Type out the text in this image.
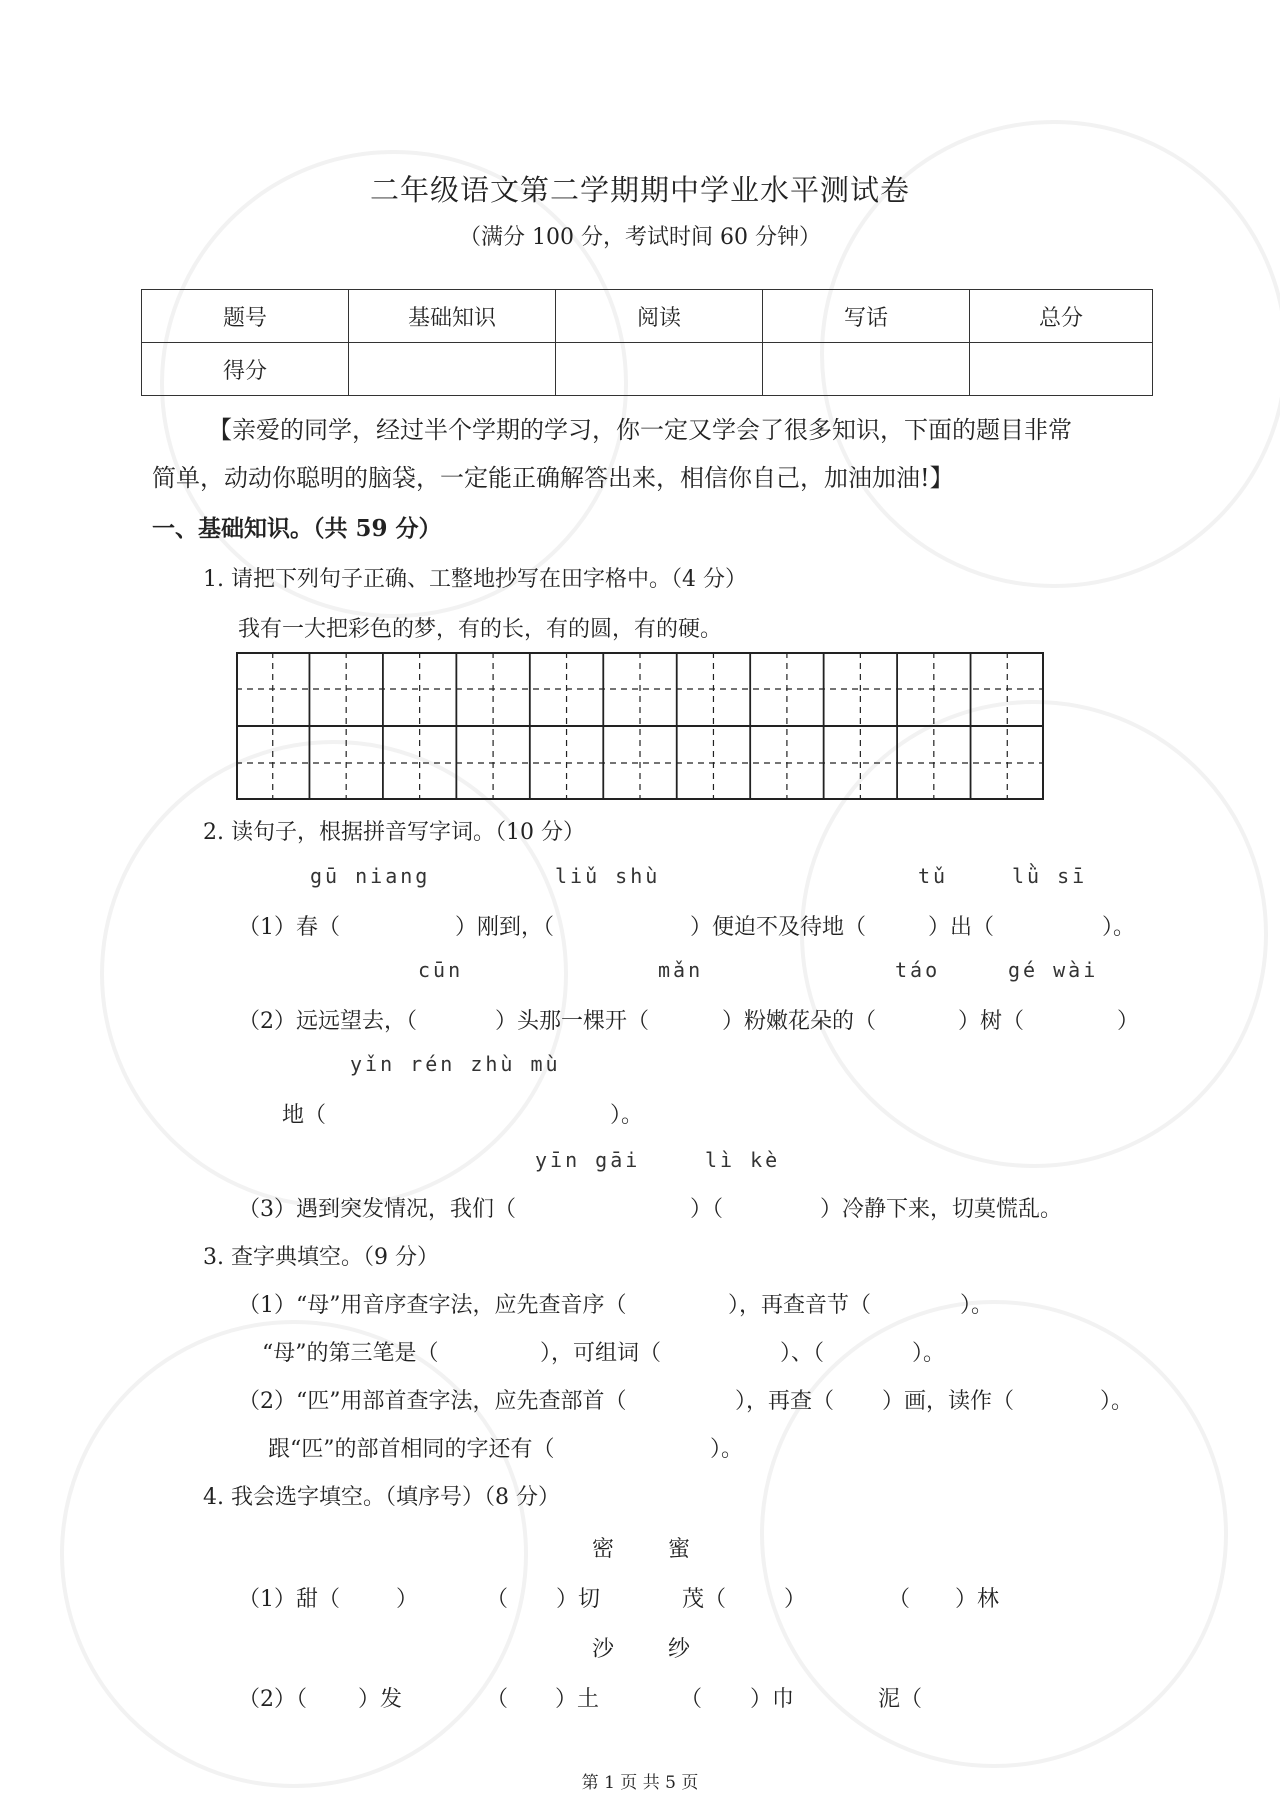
二年级语文第二学期期中学业水平测试卷
（满分 100 分，考试时间 60 分钟）
题号	基础知识	阅读	写话	总分
得分				
【亲爱的同学，经过半个学期的学习，你一定又学会了很多知识，下面的题目非常
简单，动动你聪明的脑袋，一定能正确解答出来，相信你自己，加油加油!】
一、基础知识。（共 59 分）
1. 请把下列句子正确、工整地抄写在田字格中。（4 分）
我有一大把彩色的梦，有的长，有的圆，有的硬。
2. 读句子，根据拼音写字词。（10 分）
gū niang	liǔ shù	tǔ	lǜ sī
（1）春（	）刚到，（	）便迫不及待地（	）出（	）。
cūn	mǎn	táo	gé wài
（2）远远望去，（	）头那一棵开（	）粉嫩花朵的（	）树（	）
yǐn rén zhù mù
地（	）。
yīn gāi	lì kè
（3）遇到突发情况，我们（	）（	）冷静下来，切莫慌乱。
3. 查字典填空。（9 分）
（1）“母”用音序查字法，应先查音序（	），再查音节（	）。
“母”的第三笔是（	），可组词（	）、（	）。
（2）“匹”用部首查字法，应先查部首（	），再查（ ）画，读作（	）。
跟“匹”的部首相同的字还有（	）。
4. 我会选字填空。（填序号）（8 分）
密 蜜
（1）甜（	）	（ ）切	茂（	）	（ ）林
沙 纱
（2）（ ）发	（ ）土	（ ）巾	泥（
第 1 页 共 5 页
